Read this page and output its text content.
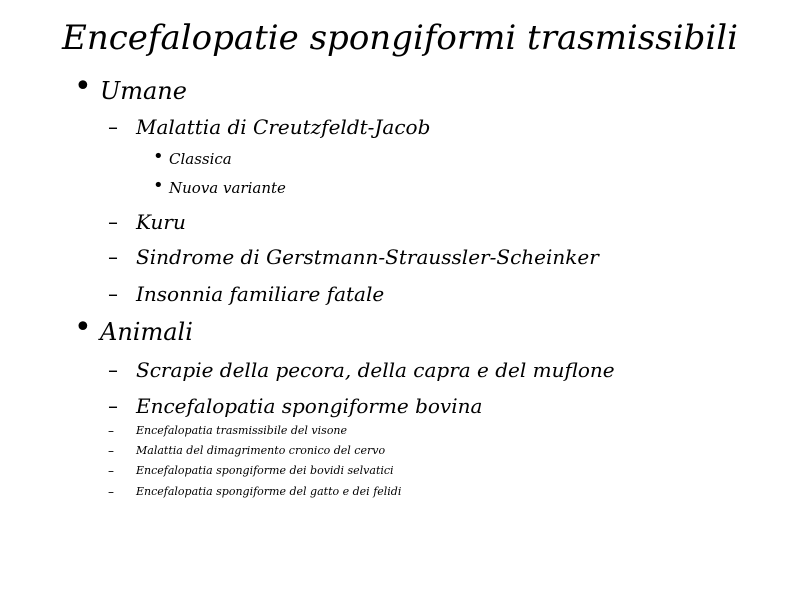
Encefalopatie spongiformi trasmissibili
• Umane
– Malattia di Creutzfeldt-Jacob
• Classica
• Nuova variante
– Kuru
– Sindrome di Gerstmann-Straussler-Scheinker
– Insonnia familiare fatale
• Animali
– Scrapie della pecora, della capra e del muflone
– Encefalopatia spongiforme bovina
– Encefalopatia trasmissibile del visone
– Malattia del dimagrimento cronico del cervo
– Encefalopatia spongiforme dei bovidi selvatici
– Encefalopatia spongiforme del gatto e dei felidi
